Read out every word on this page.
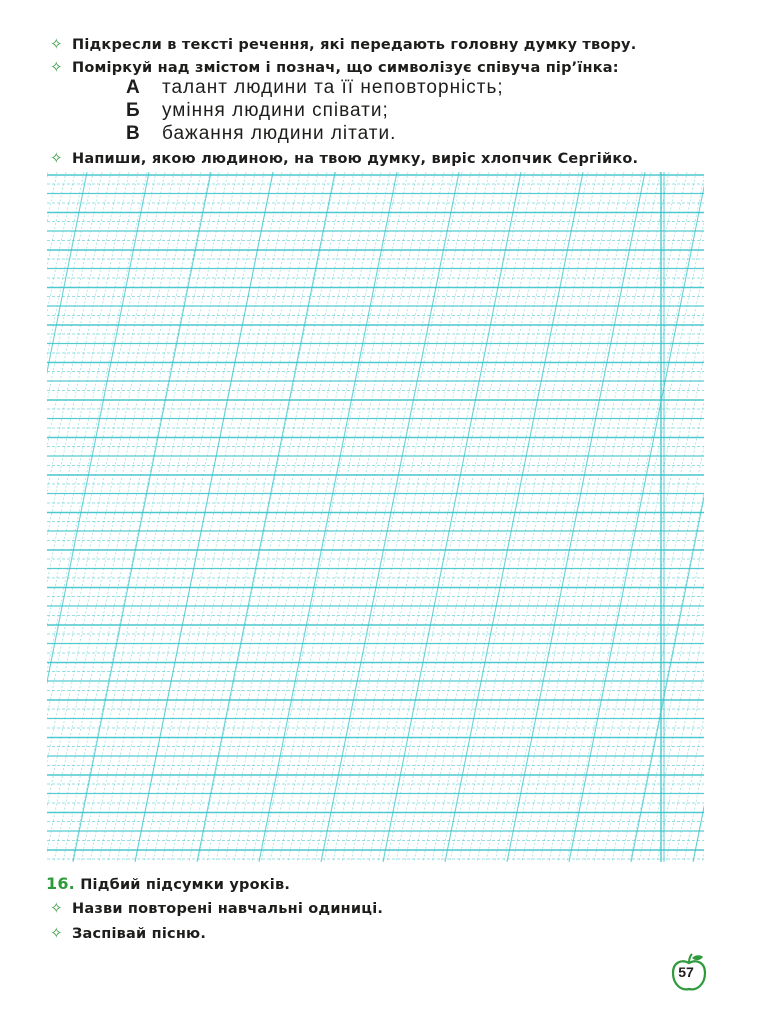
✧ Підкресли в тексті речення, які передають головну думку твору.
✧ Поміркуй над змістом і познач, що символізує співуча пір’їнка:
А талант людини та її неповторність;
Б уміння людини співати;
В бажання людини літати.
✧ Напиши, якою людиною, на твою думку, виріс хлопчик Сергійко.
16. Підбий підсумки уроків.
✧ Назви повторені навчальні одиниці.
✧ Заспівай пісню.
57
